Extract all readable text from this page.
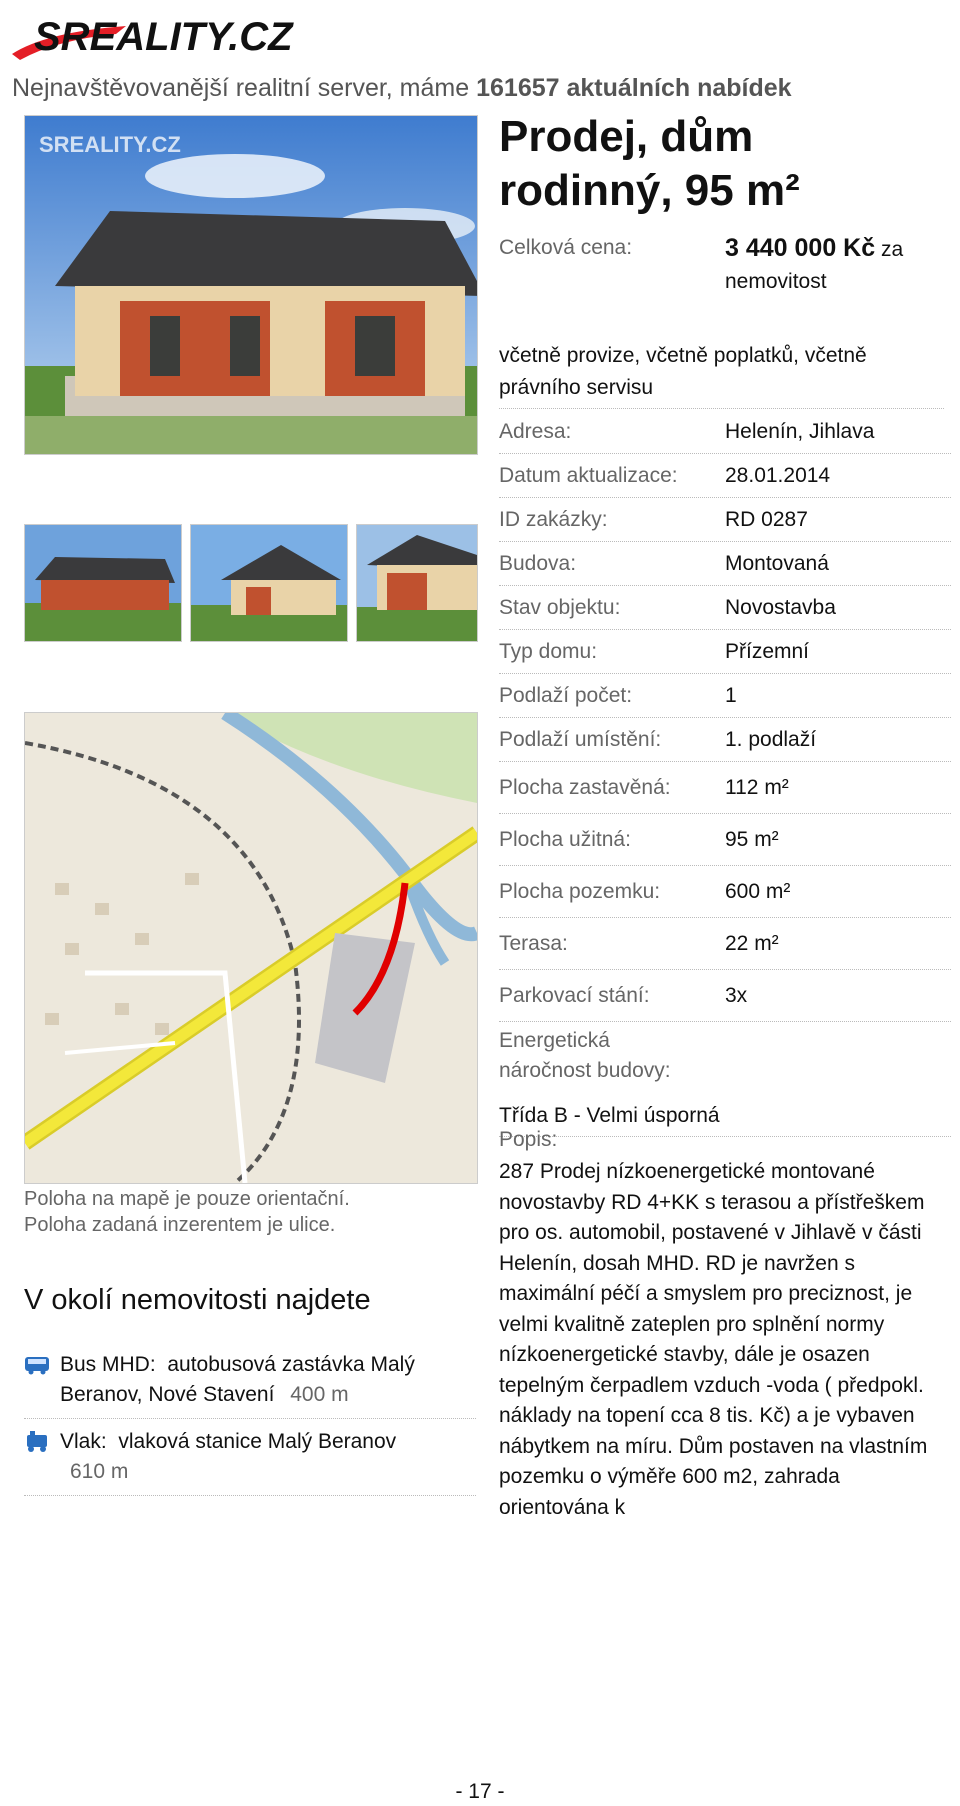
SREALITY.CZ
Nejnavštěvovanější realitní server, máme 161657 aktuálních nabídek
SREALITY.CZ
Poloha na mapě je pouze orientační.
Poloha zadaná inzerentem je ulice.
V okolí nemovitosti najdete
Bus MHD: autobusová zastávka Malý Beranov, Nové Stavení 400 m
Vlak: vlaková stanice Malý Beranov
610 m
Prodej, dům
rodinný, 95 m²
Celková cena:	3 440 000 Kč za
nemovitost
včetně provize, včetně poplatků, včetně právního servisu
Adresa:	Helenín, Jihlava
Datum aktualizace:	28.01.2014
ID zakázky:	RD 0287
Budova:	Montovaná
Stav objektu:	Novostavba
Typ domu:	Přízemní
Podlaží počet:	1
Podlaží umístění:	1. podlaží
Plocha zastavěná:	112 m²
Plocha užitná:	95 m²
Plocha pozemku:	600 m²
Terasa:	22 m²
Parkovací stání:	3x
Energetická náročnost budovy:
Třída B - Velmi úsporná
Popis:
287 Prodej nízkoenergetické montované novostavby RD 4+KK s terasou a přístřeškem pro os. automobil, postavené v Jihlavě v části Helenín, dosah MHD. RD je navržen s maximální péčí a smyslem pro preciznost, je velmi kvalitně zateplen pro splnění normy nízkoenergetické stavby, dále je osazen tepelným čerpadlem vzduch -voda ( předpokl. náklady na topení cca 8 tis. Kč) a je vybaven nábytkem na míru. Dům postaven na vlastním pozemku o výměře 600 m2, zahrada orientována k
- 17 -
